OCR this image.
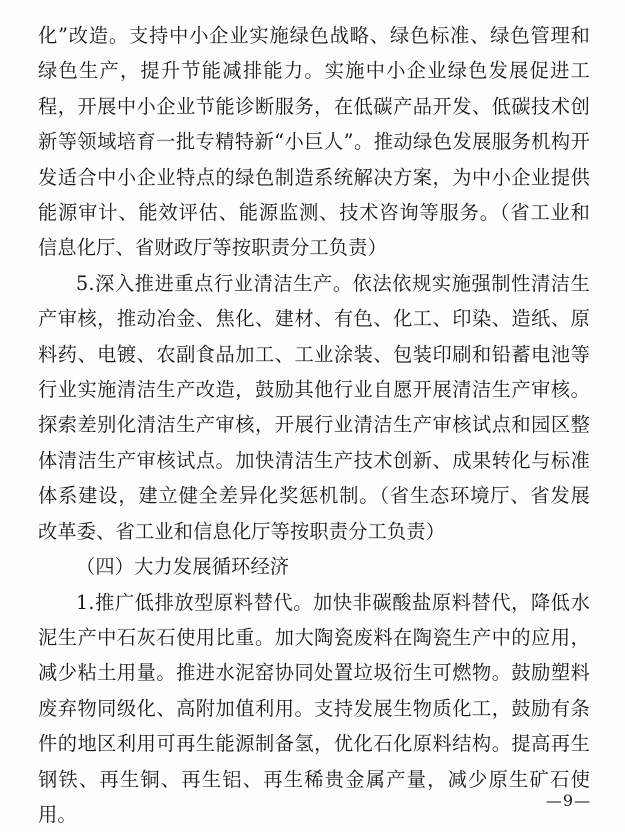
化”改造。支持中小企业实施绿色战略、绿色标准、绿色管理和绿色生产，提升节能减排能力。实施中小企业绿色发展促进工程，开展中小企业节能诊断服务，在低碳产品开发、低碳技术创新等领域培育一批专精特新“小巨人”。推动绿色发展服务机构开发适合中小企业特点的绿色制造系统解决方案，为中小企业提供能源审计、能效评估、能源监测、技术咨询等服务。（省工业和信息化厅、省财政厅等按职责分工负责）

5.深入推进重点行业清洁生产。依法依规实施强制性清洁生产审核，推动冶金、焦化、建材、有色、化工、印染、造纸、原料药、电镀、农副食品加工、工业涂装、包装印刷和铅蓄电池等行业实施清洁生产改造，鼓励其他行业自愿开展清洁生产审核。探索差别化清洁生产审核，开展行业清洁生产审核试点和园区整体清洁生产审核试点。加快清洁生产技术创新、成果转化与标准体系建设，建立健全差异化奖惩机制。（省生态环境厅、省发展改革委、省工业和信息化厅等按职责分工负责）

（四）大力发展循环经济

1.推广低排放型原料替代。加快非碳酸盐原料替代，降低水泥生产中石灰石使用比重。加大陶瓷废料在陶瓷生产中的应用，减少粘土用量。推进水泥窑协同处置垃圾衍生可燃物。鼓励塑料废弃物同级化、高附加值利用。支持发展生物质化工，鼓励有条件的地区利用可再生能源制备氢，优化石化原料结构。提高再生钢铁、再生铜、再生铝、再生稀贵金属产量，减少原生矿石使用。

—9—
